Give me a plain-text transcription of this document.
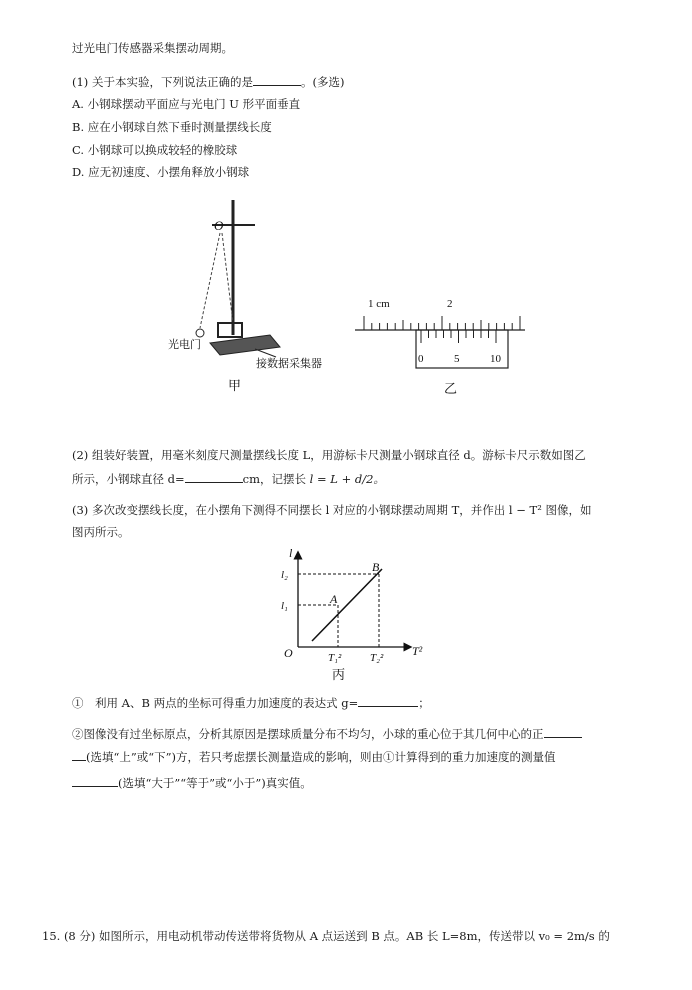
过光电门传感器采集摆动周期。
(1) 关于本实验，下列说法正确的是	。(多选)
A. 小钢球摆动平面应与光电门 U 形平面垂直
B. 应在小钢球自然下垂时测量摆线长度
C. 小钢球可以换成较轻的橡胶球
D. 应无初速度、小摆角释放小钢球
O
光电门
接数据采集器
甲
1 cm	2
0	5	10
乙
(2) 组装好装置，用毫米刻度尺测量摆线长度 L，用游标卡尺测量小钢球直径 d。游标卡尺示数如图乙
所示，小钢球直径 d=	cm，记摆长 l = L + d/2。
(3) 多次改变摆线长度，在小摆角下测得不同摆长 l 对应的小钢球摆动周期 T，并作出 l − T² 图像，如
图丙所示。
l
T²
O
A
B
l₂
l₁
T₁²	T₂²
丙
①　利用 A、B 两点的坐标可得重力加速度的表达式 g=	；
②图像没有过坐标原点，分析其原因是摆球质量分布不均匀，小球的重心位于其几何中心的正
(选填“上”或“下”)方，若只考虑摆长测量造成的影响，则由①计算得到的重力加速度的测量值
(选填“大于”“等于”或“小于”)真实值。
15. (8 分) 如图所示，用电动机带动传送带将货物从 A 点运送到 B 点。AB 长 L=8m，传送带以 v₀ = 2m/s 的
